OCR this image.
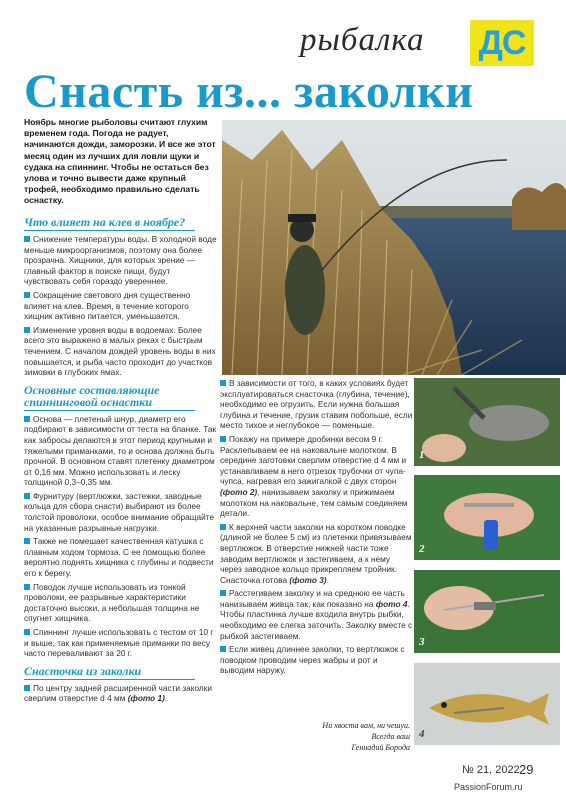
рыбалка ДС
Снасть из... заколки

Ноябрь многие рыболовы считают глухим временем года. Погода не радует, начинаются дожди, заморозки. И все же этот месяц один из лучших для ловли щуки и судака на спиннинг. Чтобы не остаться без улова и точно вывести даже крупный трофей, необходимо правильно сделать оснастку.

Что влияет на клев в ноябре?

Снижение температуры воды. В холодной воде меньше микроорганизмов, поэтому она более прозрачна. Хищники, для которых зрение — главный фактор в поиске пищи, будут чувствовать себя гораздо увереннее.

Сокращение светового дня существенно влияет на клев. Время, в течение которого хищник активно питается, уменьшается.

Изменение уровня воды в водоемах. Более всего это выражено в малых реках с быстрым течением. С началом дождей уровень воды в них повышается, и рыба часто проходит до участков зимовки в глубоких ямах.

Основные составляющие спиннинговой оснастки

Основа — плетеный шнур, диаметр его подбирают в зависимости от теста на бланке. Так как забросы делаются в этот период крупными и тяжелыми приманками, то и основа должна быть прочной. В основном ставят плетенку диаметром от 0,16 мм. Можно использовать и леску толщиной 0,3–0,35 мм.

Фурнитуру (вертлюжки, застежки, заводные кольца для сбора снасти) выбирают из более толстой проволоки, особое внимание обращайте на указанные разрывные нагрузки.

Также не помешает качественная катушка с плавным ходом тормоза. С ее помощью более вероятно поднять хищника с глубины и подвести его к берегу.

Поводок лучше использовать из тонкой проволоки, ее разрывные характеристики достаточно высоки, а небольшая толщина не спугнет хищника.

Спиннинг лучше использовать с тестом от 10 г и выше, так как применяемые приманки по весу часто переваливают за 20 г.

Снасточка из заколки

По центру задней расширенной части заколки сверлим отверстие d 4 мм (фото 1).

В зависимости от того, в каких условиях будет эксплуатироваться снасточка (глубина, течение), необходимо ее огрузить. Если нужна большая глубина и течение, грузик ставим побольше, если место тихое и неглубокое — поменьше.

Покажу на примере дробинки весом 9 г. Расклепываем ее на наковальне молотком. В середине заготовки сверлим отверстие d 4 мм и устанавливаем в него отрезок трубочки от чупа-чупса, нагревая его зажигалкой с двух сторон (фото 2), нанизываем заколку и прижимаем молотком на наковальне, тем самым соединяем детали.

К верхней части заколки на коротком поводке (длиной не более 5 см) из плетенки привязываем вертлюжок. В отверстие нижней части тоже заводим вертлюжок и застегиваем, а к нему через заводное кольцо прикрепляем тройник. Снасточка готова (фото 3).

Расстегиваем заколку и на среднюю ее часть нанизываем живца так, как показано на фото 4. Чтобы пластинка лучше входила внутрь рыбки, необходимо ее слегка заточить. Заколку вместе с рыбкой застегиваем.

Если живец длиннее заколки, то вертлюжок с поводком проводим через жабры и рот и выводим наружу.

Ни хвоста вам, ни чешуи.
Всегда ваш
Геннадий Борода
1
2
3
4
№ 21, 2022 29
PassionForum.ru
